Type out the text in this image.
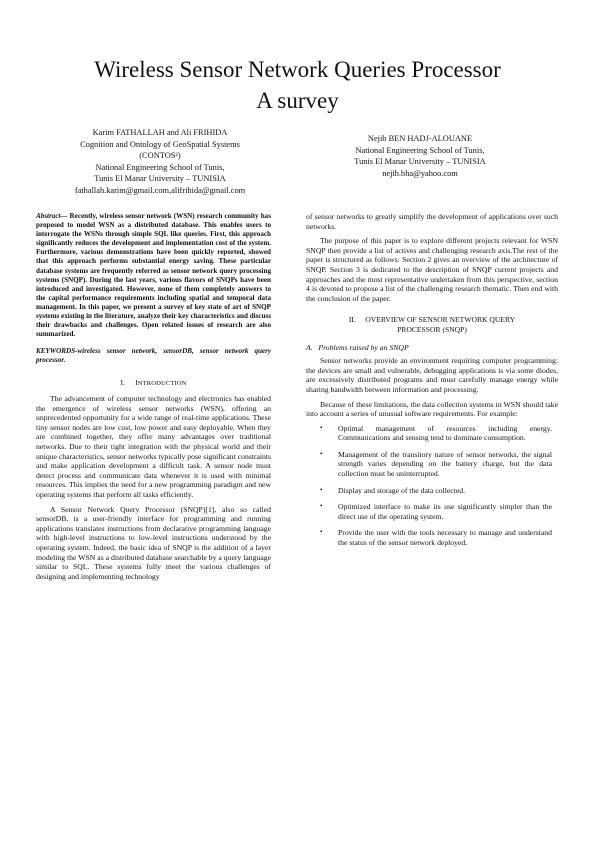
Wireless Sensor Network Queries Processor
A survey
Karim FATHALLAH and Ali FRIHIDA
Cognition and Ontology of GeoSpatial Systems
(CONTOS²)
National Engineering School of Tunis,
Tunis El Manar University – TUNISIA
fathallah.karim@gmail.com,alifrihida@gmail.com
Nejib BEN HADJ-ALOUANE
National Engineering School of Tunis,
Tunis El Manar University – TUNISIA
nejib.bha@yahoo.com

Abstract— Recently, wireless sensor network (WSN) research community has proposed to model WSN as a distributed database. This enables users to interrogate the WSNs through simple SQL like queries. First, this approach significantly reduces the development and implementation cost of the system. Furthermore, various demonstrations have been quickly reported, showed that this approach performs substantial energy saving. These particular database systems are frequently referred as sensor network query processing systems (SNQP). During the last years, various flavors of SNQPs have been introduced and investigated. However, none of them completely answers to the capital performance requirements including spatial and temporal data management. In this paper, we present a survey of key state of art of SNQP systems existing in the literature, analyze their key characteristics and discuss their drawbacks and challenges. Open related issues of research are also summarized.

KEYWORDS-wireless sensor network, sensorDB, sensor network query processor.

I. INTRODUCTION

The advancement of computer technology and electronics has enabled the emergence of wireless sensor networks (WSN), offering an unprecedented opportunity for a wide range of real-time applications. These tiny sensor nodes are low cost, low power and easy deployable. When they are combined together, they offer many advantages over traditional networks. Due to their tight integration with the physical world and their unique characteristics, sensor networks typically pose significant constraints and make application development a difficult task. A sensor node must detect process and communicate data whenever it is used with minimal resources. This implies the need for a new programming paradigm and new operating systems that perform all tasks efficiently.

A Sensor Network Query Processor (SNQP)[1], also so called sensorDB, is a user-friendly interface for programming and running applications translates instructions from declarative programming language with high-level instructions to low-level instructions understood by the operating system. Indeed, the basic idea of SNQP is the addition of a layer modeling the WSN as a distributed database searchable by a query language similar to SQL. These systems fully meet the various challenges of designing and implementing technology

of sensor networks to greatly simplify the development of applications over such networks.

The purpose of this paper is to explore different projects relevant for WSN SNQP then provide a list of actives and challenging research axis.The rest of the paper is structured as follows: Section 2 gives an overview of the architecture of SNQP. Section 3 is dedicated to the description of SNQP current projects and approaches and the most representative undertaken from this perspective, section 4 is devoted to propose a list of the challenging research thematic. Then end with the conclusion of the paper.

II. OVERVIEW OF SENSOR NETWORK QUERY
PROCESSOR (SNQP)
A. Problems raised by an SNQP

Sensor networks provide an environment requiring computer programming: the devices are small and vulnerable, debugging applications is via some diodes, are excessively distributed programs and must carefully manage energy while sharing bandwidth between information and processing.

Because of these limitations, the data collection systems in WSN should take into account a series of unusual software requirements. For example:

• Optimal management of resources including energy. Communications and sensing tend to dominate consumption.
• Management of the transitory nature of sensor networks, the signal strength varies depending on the battery charge, but the data collection must be uninterrupted.
• Display and storage of the data collected.
• Optimized interface to make its use significantly simpler than the direct use of the operating system.
• Provide the user with the tools necessary to manage and understand the status of the sensor network deployed.
